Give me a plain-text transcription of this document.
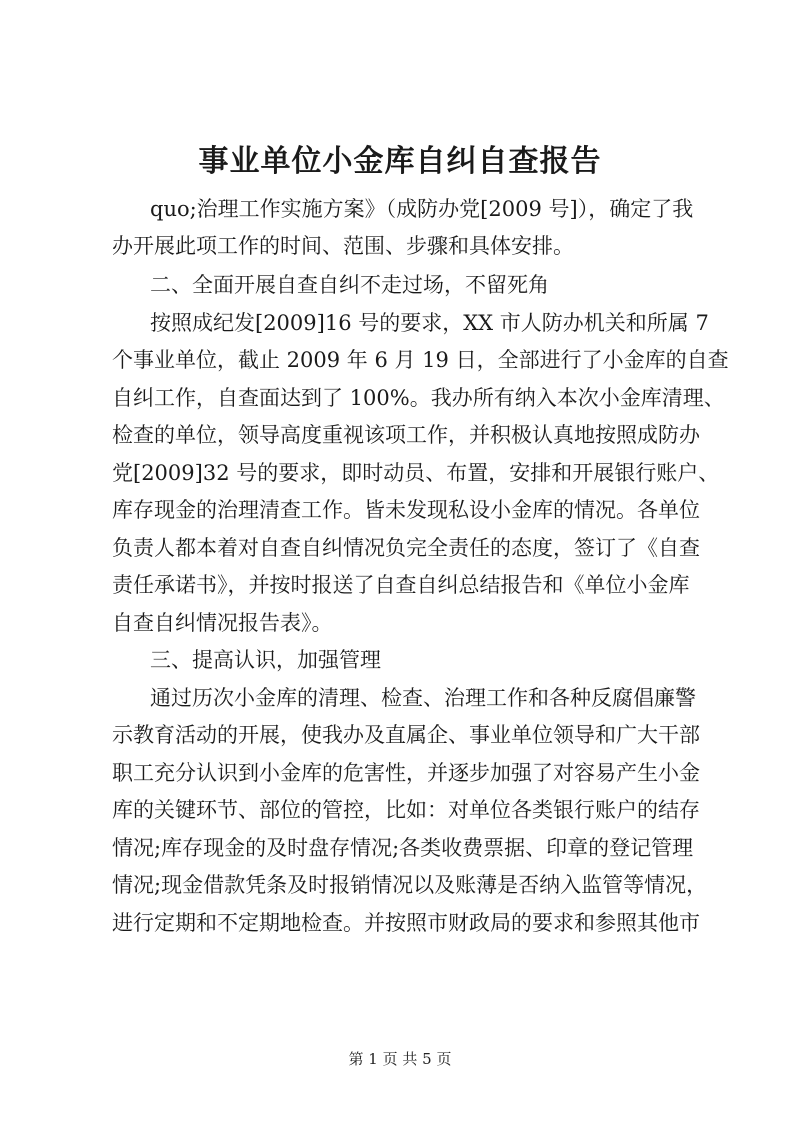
事业单位小金库自纠自查报告
quo;治理工作实施方案》（成防办党[2009 号]），确定了我
办开展此项工作的时间、范围、步骤和具体安排。
二、全面开展自查自纠不走过场，不留死角
按照成纪发[2009]16 号的要求，XX 市人防办机关和所属 7
个事业单位，截止 2009 年 6 月 19 日，全部进行了小金库的自查
自纠工作，自查面达到了 100%。我办所有纳入本次小金库清理、
检查的单位，领导高度重视该项工作，并积极认真地按照成防办
党[2009]32 号的要求，即时动员、布置，安排和开展银行账户、
库存现金的治理清查工作。皆未发现私设小金库的情况。各单位
负责人都本着对自查自纠情况负完全责任的态度，签订了《自查
责任承诺书》，并按时报送了自查自纠总结报告和《单位小金库
自查自纠情况报告表》。
三、提高认识，加强管理
通过历次小金库的清理、检查、治理工作和各种反腐倡廉警
示教育活动的开展，使我办及直属企、事业单位领导和广大干部
职工充分认识到小金库的危害性，并逐步加强了对容易产生小金
库的关键环节、部位的管控，比如：对单位各类银行账户的结存
情况;库存现金的及时盘存情况;各类收费票据、印章的登记管理
情况;现金借款凭条及时报销情况以及账薄是否纳入监管等情况，
进行定期和不定期地检查。并按照市财政局的要求和参照其他市
第 1 页 共 5 页
